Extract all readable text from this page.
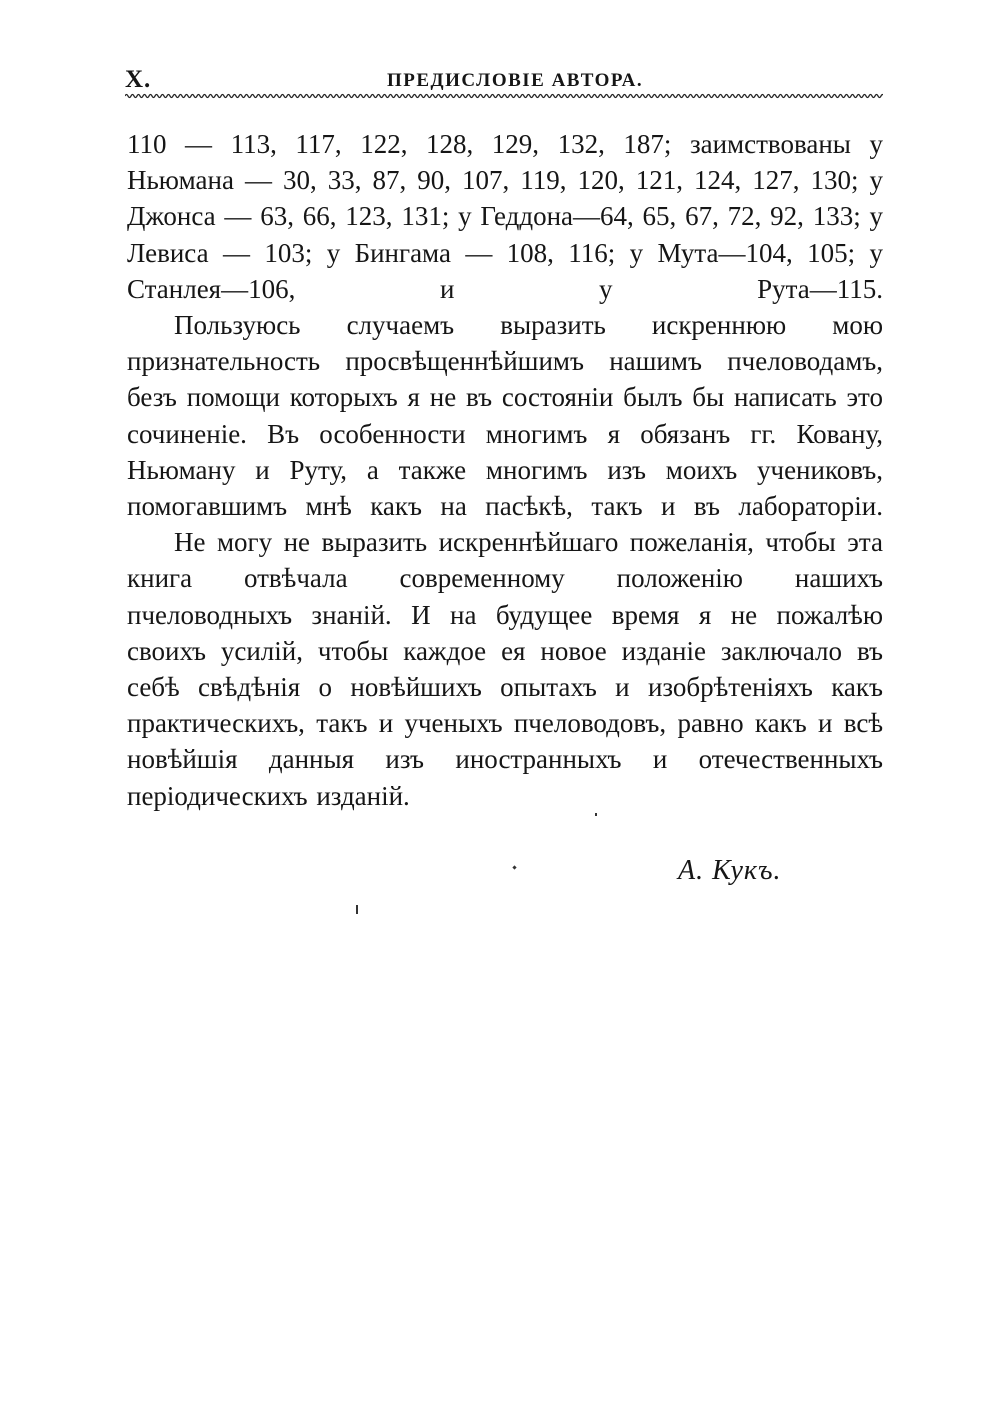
X.	ПРЕДИСЛОВIЕ АВТОРА.

110 — 113, 117, 122, 128, 129, 132, 187; заимствованы у Ньюмана — 30, 33, 87, 90, 107, 119, 120, 121, 124, 127, 130; у Джонса — 63, 66, 123, 131; у Геддона—64, 65, 67, 72, 92, 133; у Левиса — 103; у Бингама — 108, 116; у Мута—104, 105; у Станлея—106, и у Рута—115.

Пользуюсь случаемъ выразить искреннюю мою признательность просвѣщеннѣйшимъ нашимъ пчеловодамъ, безъ помощи которыхъ я не въ состоянiи былъ бы написать это сочиненiе. Въ особенности многимъ я обязанъ гг. Ковану, Ньюману и Руту, а также многимъ изъ моихъ учениковъ, помогавшимъ мнѣ какъ на пасѣкѣ, такъ и въ лабораторiи.

Не могу не выразить искреннѣйшаго пожеланiя, чтобы эта книга отвѣчала современному положенiю нашихъ пчеловодныхъ знанiй. И на будущее время я не пожалѣю своихъ усилiй, чтобы каждое ея новое изданiе заключало въ себѣ свѣдѣнiя о новѣйшихъ опытахъ и изобрѣтенiяхъ какъ практическихъ, такъ и ученыхъ пчеловодовъ, равно какъ и всѣ новѣйшiя данныя изъ иностранныхъ и отечественныхъ перiодическихъ изданiй.

А. Кукъ.
